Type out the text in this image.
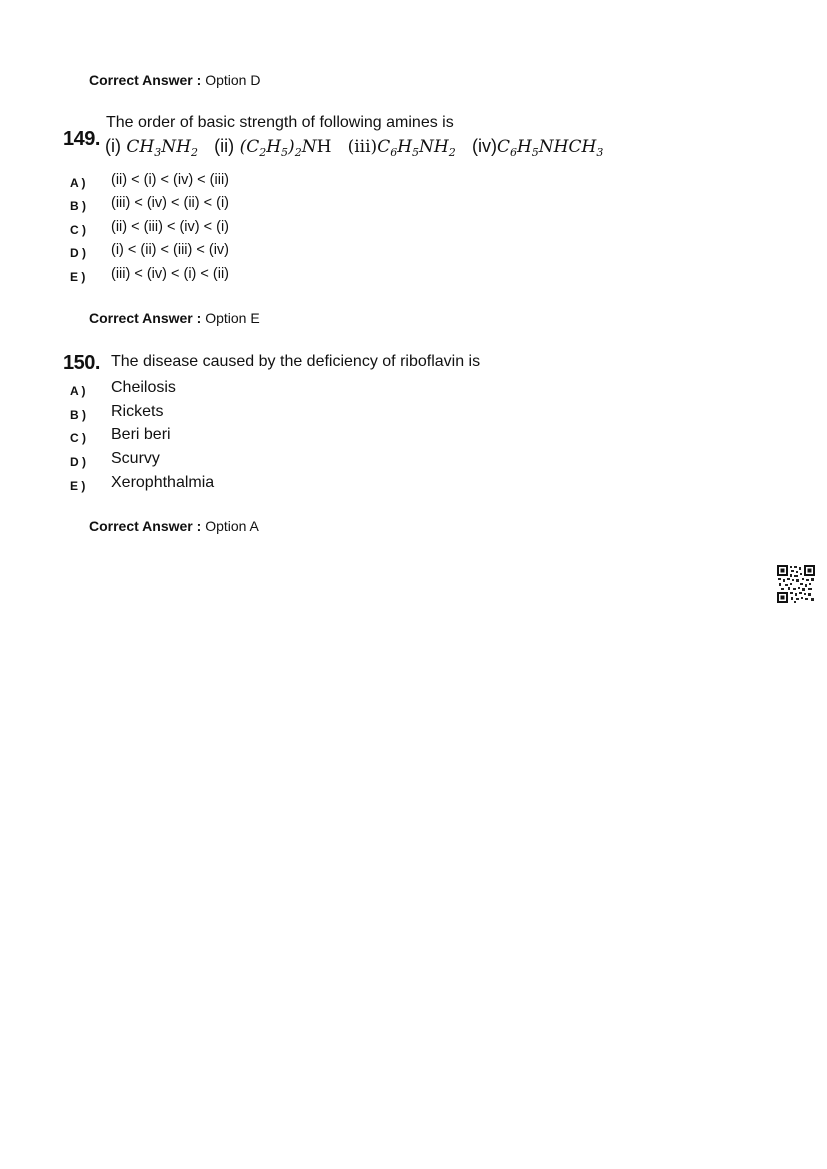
Correct Answer : Option D
149.
The order of basic strength of following amines is
(i) $CH_3NH_2$ (ii) $(C_2H_5)_2NH$   $(iii)C_6H_5NH_2$ $(iv)C_6H_5NHCH_3$
A ) (ii) < (i) < (iv) < (iii)
B ) (iii) < (iv) < (ii) < (i)
C ) (ii) < (iii) < (iv) < (i)
D ) (i) < (ii) < (iii) < (iv)
E ) (iii) < (iv) < (i) < (ii)
Correct Answer : Option E
150. The disease caused by the deficiency of riboflavin is
A ) Cheilosis
B ) Rickets
C ) Beri beri
D ) Scurvy
E ) Xerophthalmia
Correct Answer : Option A
